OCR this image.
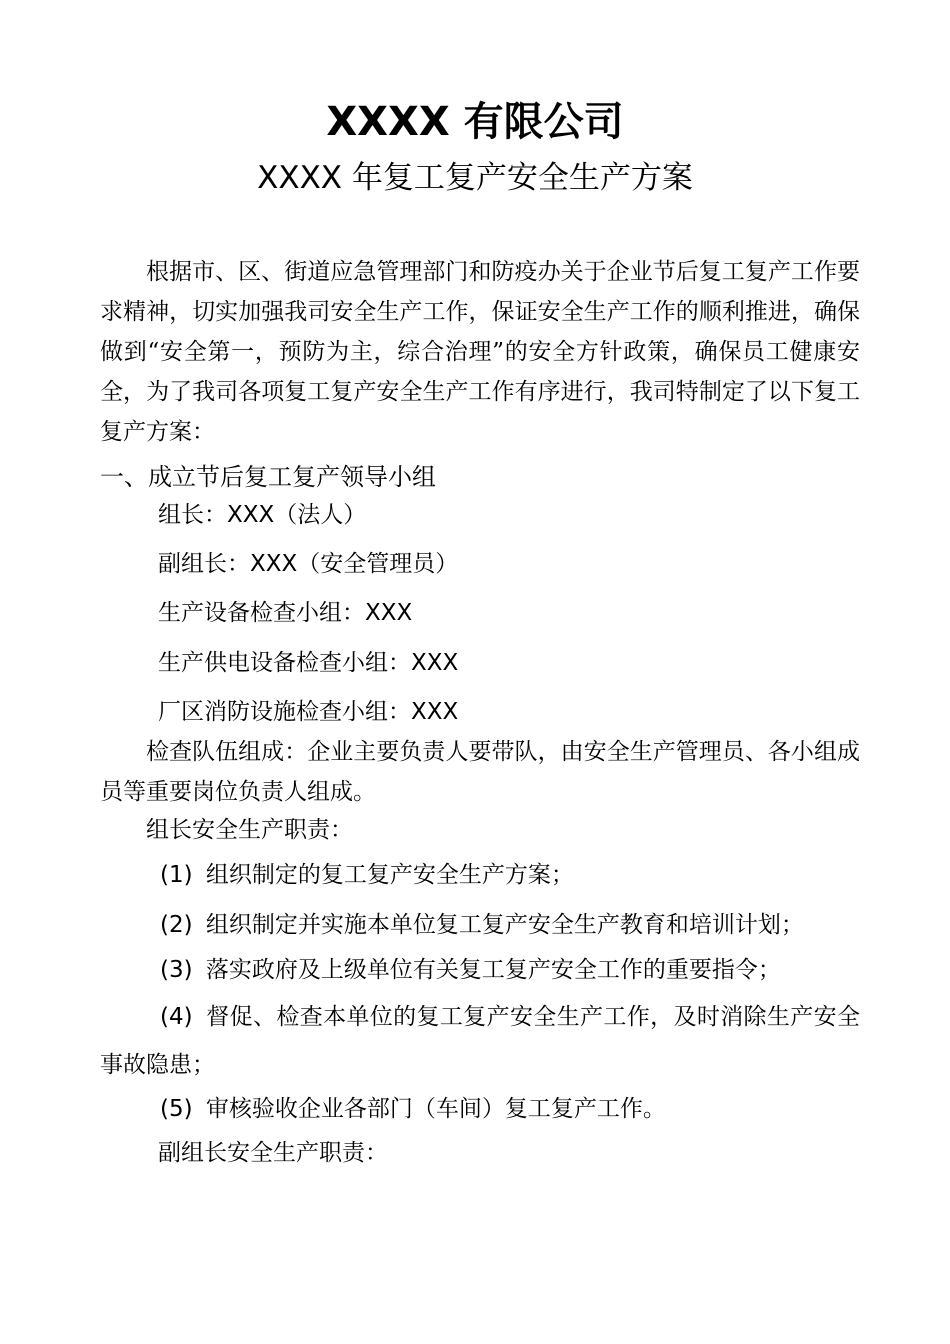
XXXX 有限公司
XXXX 年复工复产安全生产方案
根据市、区、街道应急管理部门和防疫办关于企业节后复工复产工作要求精神，切实加强我司安全生产工作，保证安全生产工作的顺利推进，确保做到“安全第一，预防为主，综合治理”的安全方针政策，确保员工健康安全，为了我司各项复工复产安全生产工作有序进行，我司特制定了以下复工复产方案：
一、成立节后复工复产领导小组
组长：XXX（法人）
副组长：XXX（安全管理员）
生产设备检查小组：XXX
生产供电设备检查小组：XXX
厂区消防设施检查小组：XXX
检查队伍组成：企业主要负责人要带队，由安全生产管理员、各小组成员等重要岗位负责人组成。
组长安全生产职责：
(1) 组织制定的复工复产安全生产方案；
(2) 组织制定并实施本单位复工复产安全生产教育和培训计划；
(3) 落实政府及上级单位有关复工复产安全工作的重要指令；
(4) 督促、检查本单位的复工复产安全生产工作，及时消除生产安全事故隐患；
(5) 审核验收企业各部门（车间）复工复产工作。
副组长安全生产职责：
